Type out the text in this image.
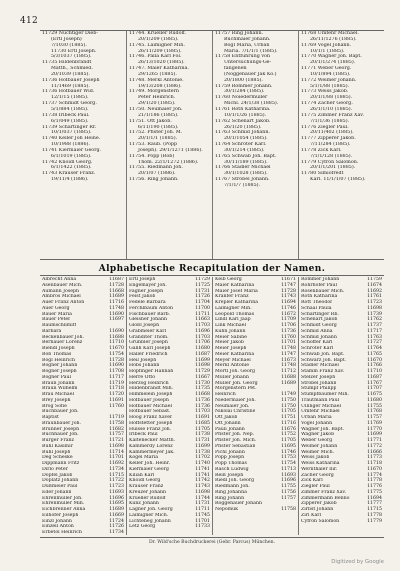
412
11729 Nüchtiger Dieb-
(Ertl Joseph)
7/1030 (1885).
11730 Ertl Joseph.
5/3/1037 (1885).
11735 Hildenbrandt
Matth., Schmied.
20/1039 (1885).
11736 Hofbauer Joseph
11/1469 (1885).
11736 Hofbauer Wid.
12/1/15 (1885).
11737 Schmidt Georg.
5/1/884 (1885).
11738 Irlbeck Paul.
6/1/049 (1885).
11739 Schärtinger Rr.
10/1/037 (1885).
11740 Keller Joh Heine.
10/1988 (1886).
11741 Kiermaier Georg.
6/1/1019 (1885).
11742 Knoidl Georg.
6/1/1422 (1885).
11743 Krauser Franz.
19/11/4 (1886).
11744. Krueller Rudolf.
20/1/209 (1885).
11745. Laimigner Mih.
26/11/209 (1885).
11746. Palla Karl Fol.
26/13/1020 (1885).
11747. Maier Katharina.
29/1265 (1885).
11748. Merkl Antonie.
19/13/208 (1886).
11749. Morgenstern
Peter Heinrich.
29/1/20 (1885).
11750. Neumaier Joh.
21/1/186 (1885).
11751. Ott Jakob.
6/11/190 (1885).
11752. Pfister Joh. M.
20/1/1/1 (1885).
11753. Raub. (Popp
Joseph). 29/1/1271 (1886).
11754. Popp (Rob)
Thom. 22/1/1272 (1886).
11755. Riedmann Joh.
20/1/07 (1886).
11756. Ring Johann.
11757 Ring Johann.
Buchmaier Johann.
Bögl Maria, Urban
Maria. 7/1/1/1 (1885).
11758 Entführung von
Untersuchungs-Ge-
fangenen
(Noggenauer Jak Ko.)
20/1800 (1885).
11759 Rommer Johann.
30/1/284 (1885).
11760 Noiedermüller
Michl. 24/1/38 (1885).
11761 Roth Katharina.
10/1/1/26 (1885).
11762 Schenart Jakob.
26/1/20 (1885).
11763 Schmid Johann.
20/1/1054 (1885).
11764 Schröter Karl.
30/1/214 (1885).
11765 Schwab Joh. Bapt.
30/11/189 (1885).
11766 Städler Michael
30/1/1028 (1885).
11767 Strobel Johann.
7/1/1/7 (1885).
11768 Umfehr Michael.
26/11/1276 (1885).
11769 Vögel Johann.
10/1/1 (1885).
11770 Wagner Joh. Bapt.
20/1/1/274 (1885).
11771 Weber Georg.
10/1/894 (1885).
11772 Weimer Johann.
5/1/1/88 (1885).
11773 Weiss Jakob.
20/1/1/88 (1885).
11774 Zacher Georg.
26/1/1/10 (1885).
11775 Zimmer Franz Xav.
7/1/1/36 (1885).
11776 Ziegler Paul.
20/11/402 (1885).
11777 Zipperer Jakob.
7/11/284 (1885).
11778 Zick Karl.
7/1/1/128 (1885).
11779 Cyfron Salomon.
20/1/1/201 (1885).
11780 Simiofredt
Karl. 11/1/1/07 (1885).
Alphabetische Recapitulation der Namen.
Albrecht Anna	11687
Asenbauer Mich.	11728
Aumann Joseph	11668
Ambros Michael	11689
Auer Franz Anton	11716
Auer Georg	11748
Bauer Maria	11690
Bauer Peter	11697
Baumschlimitt
Barbara	11690
Beckenbauer Joh.	11688
Bernauer Lorenz	11710
Biendl Joseph	11670
Bob Thomas	11754
Bögl Heinrich	11728
Bögner Johann	11690
Bögner Joseph	11708
Bögner Paul	11717
Braun Johann	11719
Braun Wilhelm	11718
Bräu Michael	11720
Brey Joseph	11691
Brög Sofie	11760
Buchbauer Joh.
Baptist	11719
Braunbauer Joh.	11758
Brunner Joseph	11682
Buchhauer Joh.	11757
Burger Franz	11721
Bühl Kasimir	11698
Bühl Joseph	11714
Deg Scheske	11701
Dippmann Fritz	11692
Dirlo Peter	11734
Dopfel Jakob	11715
Doplatz Johann	11722
Dußmeier Paul	11723
Eder Johann	11693
Ehrenmüller Joh.	11696
Ehrenmüller Mih.	11695
Eichbrenner Anna	11689
Eilhofer Joseph	11669
Einzl Johann	11724
Einzell Anton	11726
Erbetol Heinrich	11734
Ertl Joseph	11729
Engemayer Joh.	11725
Fagner Joseph	11731
Feist Jakob	11726
Fedele Barbara	11704
Ferchlbaum Anton	11700
Fischbauer Barb.	11711
Gleisner Johann	11663
Glößl Joseph	11703
Grabmeier Karl	11696
Granditer Thom.	11703
Grunbler Joseph	11706
Gallh Karl Joseph	11680
Haller Friedrich	11687
Heil Joseph	11699
Höbs Johann	11698
Höpfinger Hannah	11729
Herre Otto	11667
Herzog Heinrich	11730
Hildenbrandt Mih.	11735
Himmelein Joseph	11668
Hofbauer Joseph	11736
Hofbauer Michael	11736
Hofbauer Sebast.	11703
Hoog Franz Xaver	11691
Hoffstetter Joseph	11685
Hulsse Franz Joh.	11705
Irlbeck Paul	11738
Kaltenecker Matth.	11731
Kammerdy Lorenz	11699
Kammermeyer Jak.	11738
Kögel Maria	11702
Keller Joh. Heinr.	11740
Kiermaier Georg	11741
Kilian Karl	11741
Knoidl Georg	11742
Krauser Franz	11743
Kreuzer Johann	11698
Krueller Rudolf	11744
Kunz Johann	11731
Lagner Joh. Georg	11711
Laimigner Mich.	11745
Lichteneg Johann	11701
Letz Georg	11733
Keib Georg	11671
Maier Katharina	11747
Maier Josef Maria	11728
Kranfer Franz	11743
Krepler Katharina	11694
Laimigner Mih.	11746
Leopold Thomas	11672
Lindl Karl Jaap	11709
Link Michael	11706
Kuhn Johann	11736
Meier Sabine	11760
Meier Jakob	11701
Meier Joseph	11748
Meier Katharina	11747
Meyer Michael	11673
Merkl Antonie	11748
Mörtl Joh. Georg	11712
Müller Johann	11688
Müller Joh. Georg	11689
Morgenstern Pet.
Heinrich	11749
Niedermaier Joh.	11750
Neumaier Joh.	11750
Nikolai Christine	11705
Ott Jakob	11751
Ott Johann	11716
Pauli Johann	11676
Pfister Joh. Nep.	11752
Pfister Joh. Mich.	11705
Pfister Sebastian	11695
Pichl Johann	11746
Popp Joseph	11753
Popp Thomas	11754
Rasch Ludwig	11713
Reiß Joseph	11693
Riedl Joh. Georg	11696
Riedmann Joh.	11755
Ring Johanna	11756
Ring Johann	11757
Roggenauer Johann
Nepomuk	11758
Rommer Johann	11759
Rohrhofer Paul	11674
Rosenbauer Mich.	11692
Roth Katharina	11761
Rott Theodor	11723
Schaal Paula	11698
Schärtinger Rb.	11739
Schenart Jakob	11762
Schmidt Georg	11737
Schmid Anna	11717
Schmid Johann	11763
Schöffer Karl	11727
Schröter Karl	11764
Schwab Joh. Bapt.	11765
Schwarz Joh. Bapt.	11670
Städler Michael	11766
Stamm Franz Xav.	11710
Stelzer Joseph	11687
Strobel Johann	11767
Stumpf Philipp	11707
Stumpfbäumer Mih.	11675
Trautmann Paul	11680
Ullinger Michael	11755
Umfehr Michael	11768
Urban Maria	11757
Vögel Johann	11769
Wagner Joh. Bapt.	11770
Wagner Jakob	11699
Weber Georg	11771
Weimer Johann	11772
Weimer Mich.	11666
Weiss Jakob	11773
Weiss Katharina	11718
Wernthaler Ilir.	11670
Zacher Georg	11774
Zick Karl	11778
Ziegler Paul	11776
Zimmer Franz Xav.	11775
Zimmermann Benno	11694
Zipperer Jakob	11777
Zirbst Johann	11715
Zirl Karl	11778
Cyfron Salomon	11779
Dr. Wild'sche Buchdruckerei (Gebr. Parcus) München.
Digitized by Google
